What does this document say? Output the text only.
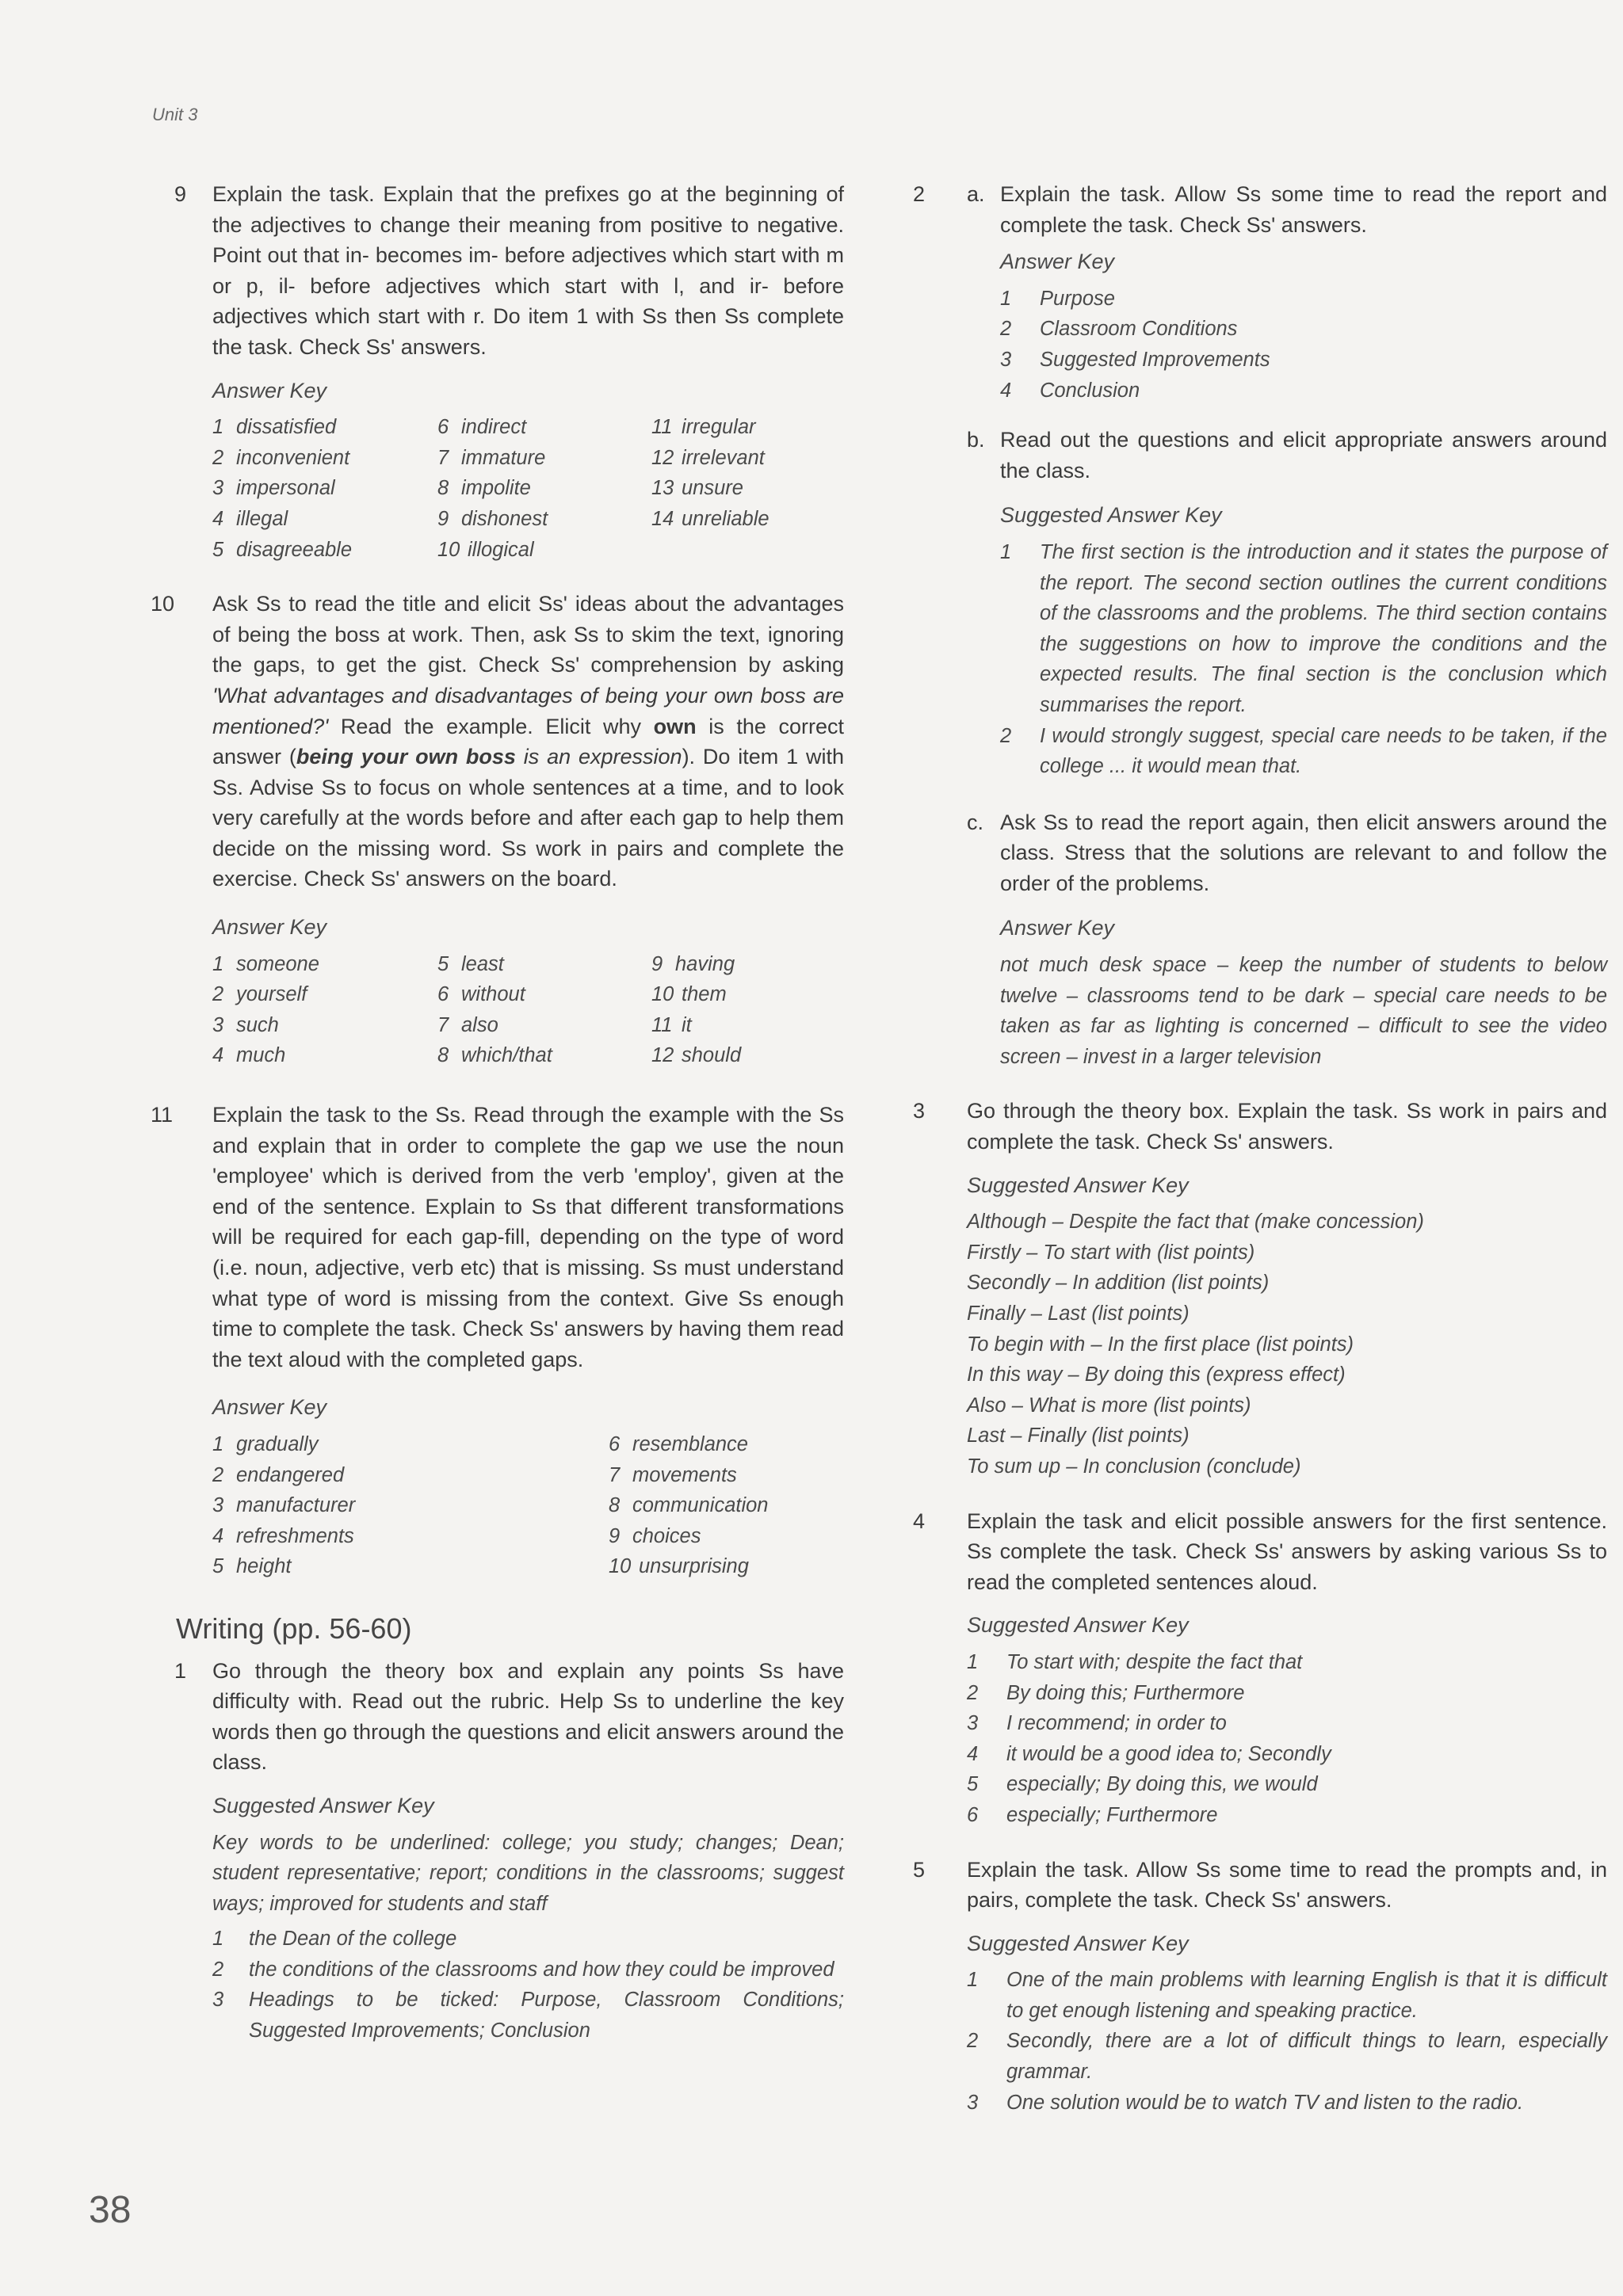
Unit 3
9 Explain the task. Explain that the prefixes go at the beginning of the adjectives to change their meaning from positive to negative. Point out that in- becomes im- before adjectives which start with m or p, il- before adjectives which start with l, and ir- before adjectives which start with r. Do item 1 with Ss then Ss complete the task. Check Ss' answers.

Answer Key
1 dissatisfied	6 indirect	11 irregular
2 inconvenient	7 immature	12 irrelevant
3 impersonal	8 impolite	13 unsure
4 illegal	9 dishonest	14 unreliable
5 disagreeable	10 illogical
10 Ask Ss to read the title and elicit Ss' ideas about the advantages of being the boss at work. Then, ask Ss to skim the text, ignoring the gaps, to get the gist. Check Ss' comprehension by asking 'What advantages and disadvantages of being your own boss are mentioned?' Read the example. Elicit why own is the correct answer (being your own boss is an expression). Do item 1 with Ss. Advise Ss to focus on whole sentences at a time, and to look very carefully at the words before and after each gap to help them decide on the missing word. Ss work in pairs and complete the exercise. Check Ss' answers on the board.

Answer Key
1 someone	5 least	9 having
2 yourself	6 without	10 them
3 such	7 also	11 it
4 much	8 which/that	12 should
11 Explain the task to the Ss. Read through the example with the Ss and explain that in order to complete the gap we use the noun 'employee' which is derived from the verb 'employ', given at the end of the sentence. Explain to Ss that different transformations will be required for each gap-fill, depending on the type of word (i.e. noun, adjective, verb etc) that is missing. Ss must understand what type of word is missing from the context. Give Ss enough time to complete the task. Check Ss' answers by having them read the text aloud with the completed gaps.

Answer Key
1 gradually	6 resemblance
2 endangered	7 movements
3 manufacturer	8 communication
4 refreshments	9 choices
5 height	10 unsurprising
Writing (pp. 56-60)
1 Go through the theory box and explain any points Ss have difficulty with. Read out the rubric. Help Ss to underline the key words then go through the questions and elicit answers around the class.

Suggested Answer Key
Key words to be underlined: college; you study; changes; Dean; student representative; report; conditions in the classrooms; suggest ways; improved for students and staff
1 the Dean of the college
2 the conditions of the classrooms and how they could be improved
3 Headings to be ticked: Purpose, Classroom Conditions; Suggested Improvements; Conclusion
2 a. Explain the task. Allow Ss some time to read the report and complete the task. Check Ss' answers.

Answer Key
1 Purpose
2 Classroom Conditions
3 Suggested Improvements
4 Conclusion
b. Read out the questions and elicit appropriate answers around the class.

Suggested Answer Key
1 The first section is the introduction and it states the purpose of the report. The second section outlines the current conditions of the classrooms and the problems. The third section contains the suggestions on how to improve the conditions and the expected results. The final section is the conclusion which summarises the report.
2 I would strongly suggest, special care needs to be taken, if the college ... it would mean that.
c. Ask Ss to read the report again, then elicit answers around the class. Stress that the solutions are relevant to and follow the order of the problems.

Answer Key
not much desk space – keep the number of students to below twelve – classrooms tend to be dark – special care needs to be taken as far as lighting is concerned – difficult to see the video screen – invest in a larger television
3 Go through the theory box. Explain the task. Ss work in pairs and complete the task. Check Ss' answers.

Suggested Answer Key
Although – Despite the fact that (make concession)
Firstly – To start with (list points)
Secondly – In addition (list points)
Finally – Last (list points)
To begin with – In the first place (list points)
In this way – By doing this (express effect)
Also – What is more (list points)
Last – Finally (list points)
To sum up – In conclusion (conclude)
4 Explain the task and elicit possible answers for the first sentence. Ss complete the task. Check Ss' answers by asking various Ss to read the completed sentences aloud.

Suggested Answer Key
1 To start with; despite the fact that
2 By doing this; Furthermore
3 I recommend; in order to
4 it would be a good idea to; Secondly
5 especially; By doing this, we would
6 especially; Furthermore
5 Explain the task. Allow Ss some time to read the prompts and, in pairs, complete the task. Check Ss' answers.

Suggested Answer Key
1 One of the main problems with learning English is that it is difficult to get enough listening and speaking practice.
2 Secondly, there are a lot of difficult things to learn, especially grammar.
3 One solution would be to watch TV and listen to the radio.
38
